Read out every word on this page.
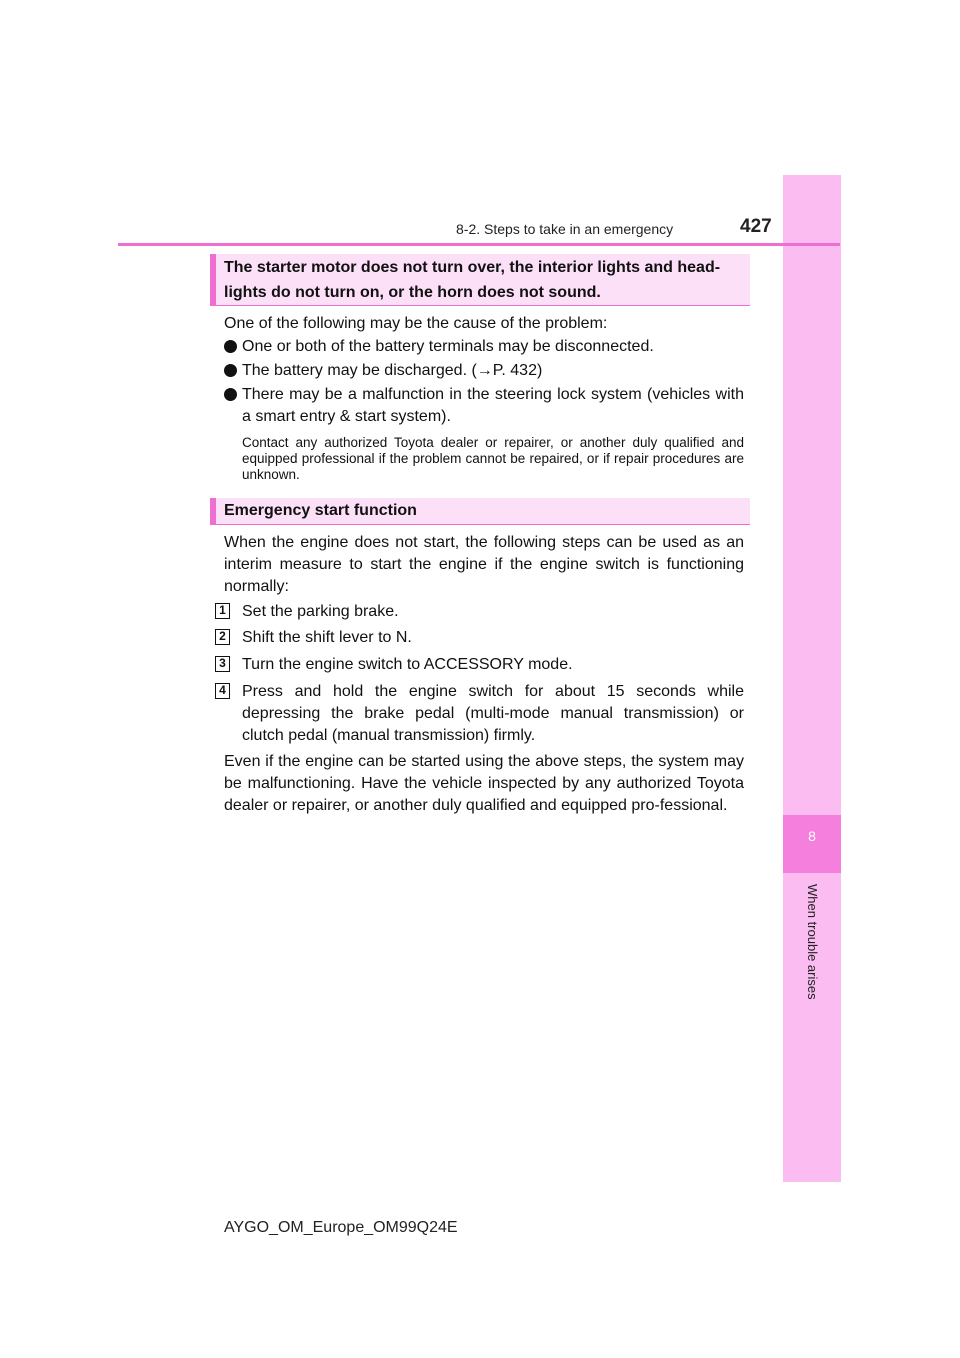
8
When trouble arises
8-2. Steps to take in an emergency	427
The starter motor does not turn over, the interior lights and head-lights do not turn on, or the horn does not sound.

One of the following may be the cause of the problem:

One or both of the battery terminals may be disconnected.
The battery may be discharged. (→P. 432)
There may be a malfunction in the steering lock system (vehicles with a smart entry & start system).

Contact any authorized Toyota dealer or repairer, or another duly qualified and equipped professional if the problem cannot be repaired, or if repair procedures are unknown.

Emergency start function

When the engine does not start, the following steps can be used as an interim measure to start the engine if the engine switch is functioning normally:

1 Set the parking brake.
2 Shift the shift lever to N.
3 Turn the engine switch to ACCESSORY mode.
4 Press and hold the engine switch for about 15 seconds while depressing the brake pedal (multi-mode manual transmission) or clutch pedal (manual transmission) firmly.

Even if the engine can be started using the above steps, the system may be malfunctioning. Have the vehicle inspected by any authorized Toyota dealer or repairer, or another duly qualified and equipped pro-fessional.

AYGO_OM_Europe_OM99Q24E
